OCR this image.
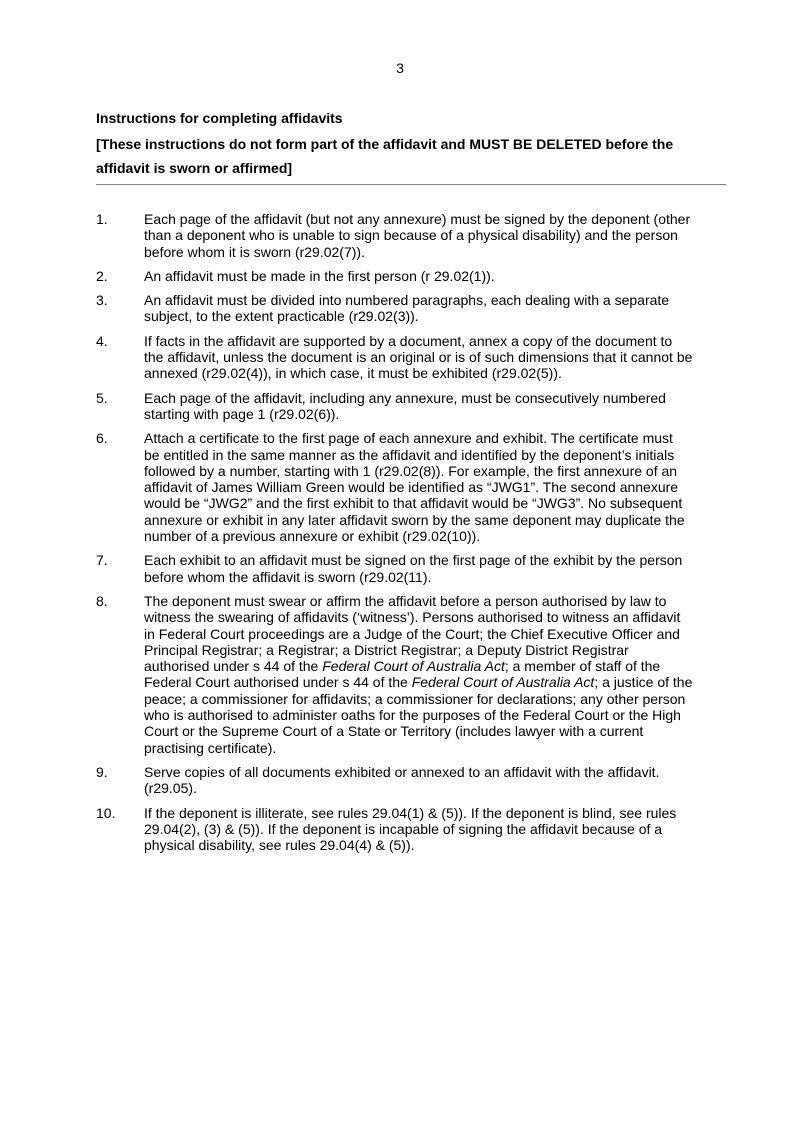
3
Instructions for completing affidavits
[These instructions do not form part of the affidavit and MUST BE DELETED before the
affidavit is sworn or affirmed]
1.	Each page of the affidavit (but not any annexure) must be signed by the deponent (other
than a deponent who is unable to sign because of a physical disability) and the person
before whom it is sworn (r29.02(7)).
2.	An affidavit must be made in the first person (r 29.02(1)).
3.	An affidavit must be divided into numbered paragraphs, each dealing with a separate
subject, to the extent practicable (r29.02(3)).
4.	If facts in the affidavit are supported by a document, annex a copy of the document to
the affidavit, unless the document is an original or is of such dimensions that it cannot be
annexed (r29.02(4)), in which case, it must be exhibited (r29.02(5)).
5.	Each page of the affidavit, including any annexure, must be consecutively numbered
starting with page 1 (r29.02(6)).
6.	Attach a certificate to the first page of each annexure and exhibit. The certificate must
be entitled in the same manner as the affidavit and identified by the deponent’s initials
followed by a number, starting with 1 (r29.02(8)). For example, the first annexure of an
affidavit of James William Green would be identified as “JWG1”. The second annexure
would be “JWG2” and the first exhibit to that affidavit would be “JWG3”. No subsequent
annexure or exhibit in any later affidavit sworn by the same deponent may duplicate the
number of a previous annexure or exhibit (r29.02(10)).
7.	Each exhibit to an affidavit must be signed on the first page of the exhibit by the person
before whom the affidavit is sworn (r29.02(11).
8.	The deponent must swear or affirm the affidavit before a person authorised by law to
witness the swearing of affidavits (‘witness’). Persons authorised to witness an affidavit
in Federal Court proceedings are a Judge of the Court; the Chief Executive Officer and
Principal Registrar; a Registrar; a District Registrar; a Deputy District Registrar
authorised under s 44 of the Federal Court of Australia Act; a member of staff of the
Federal Court authorised under s 44 of the Federal Court of Australia Act; a justice of the
peace; a commissioner for affidavits; a commissioner for declarations; any other person
who is authorised to administer oaths for the purposes of the Federal Court or the High
Court or the Supreme Court of a State or Territory (includes lawyer with a current
practising certificate).
9.	Serve copies of all documents exhibited or annexed to an affidavit with the affidavit.
(r29.05).
10.	If the deponent is illiterate, see rules 29.04(1) & (5)). If the deponent is blind, see rules
29.04(2), (3) & (5)). If the deponent is incapable of signing the affidavit because of a
physical disability, see rules 29.04(4) & (5)).
